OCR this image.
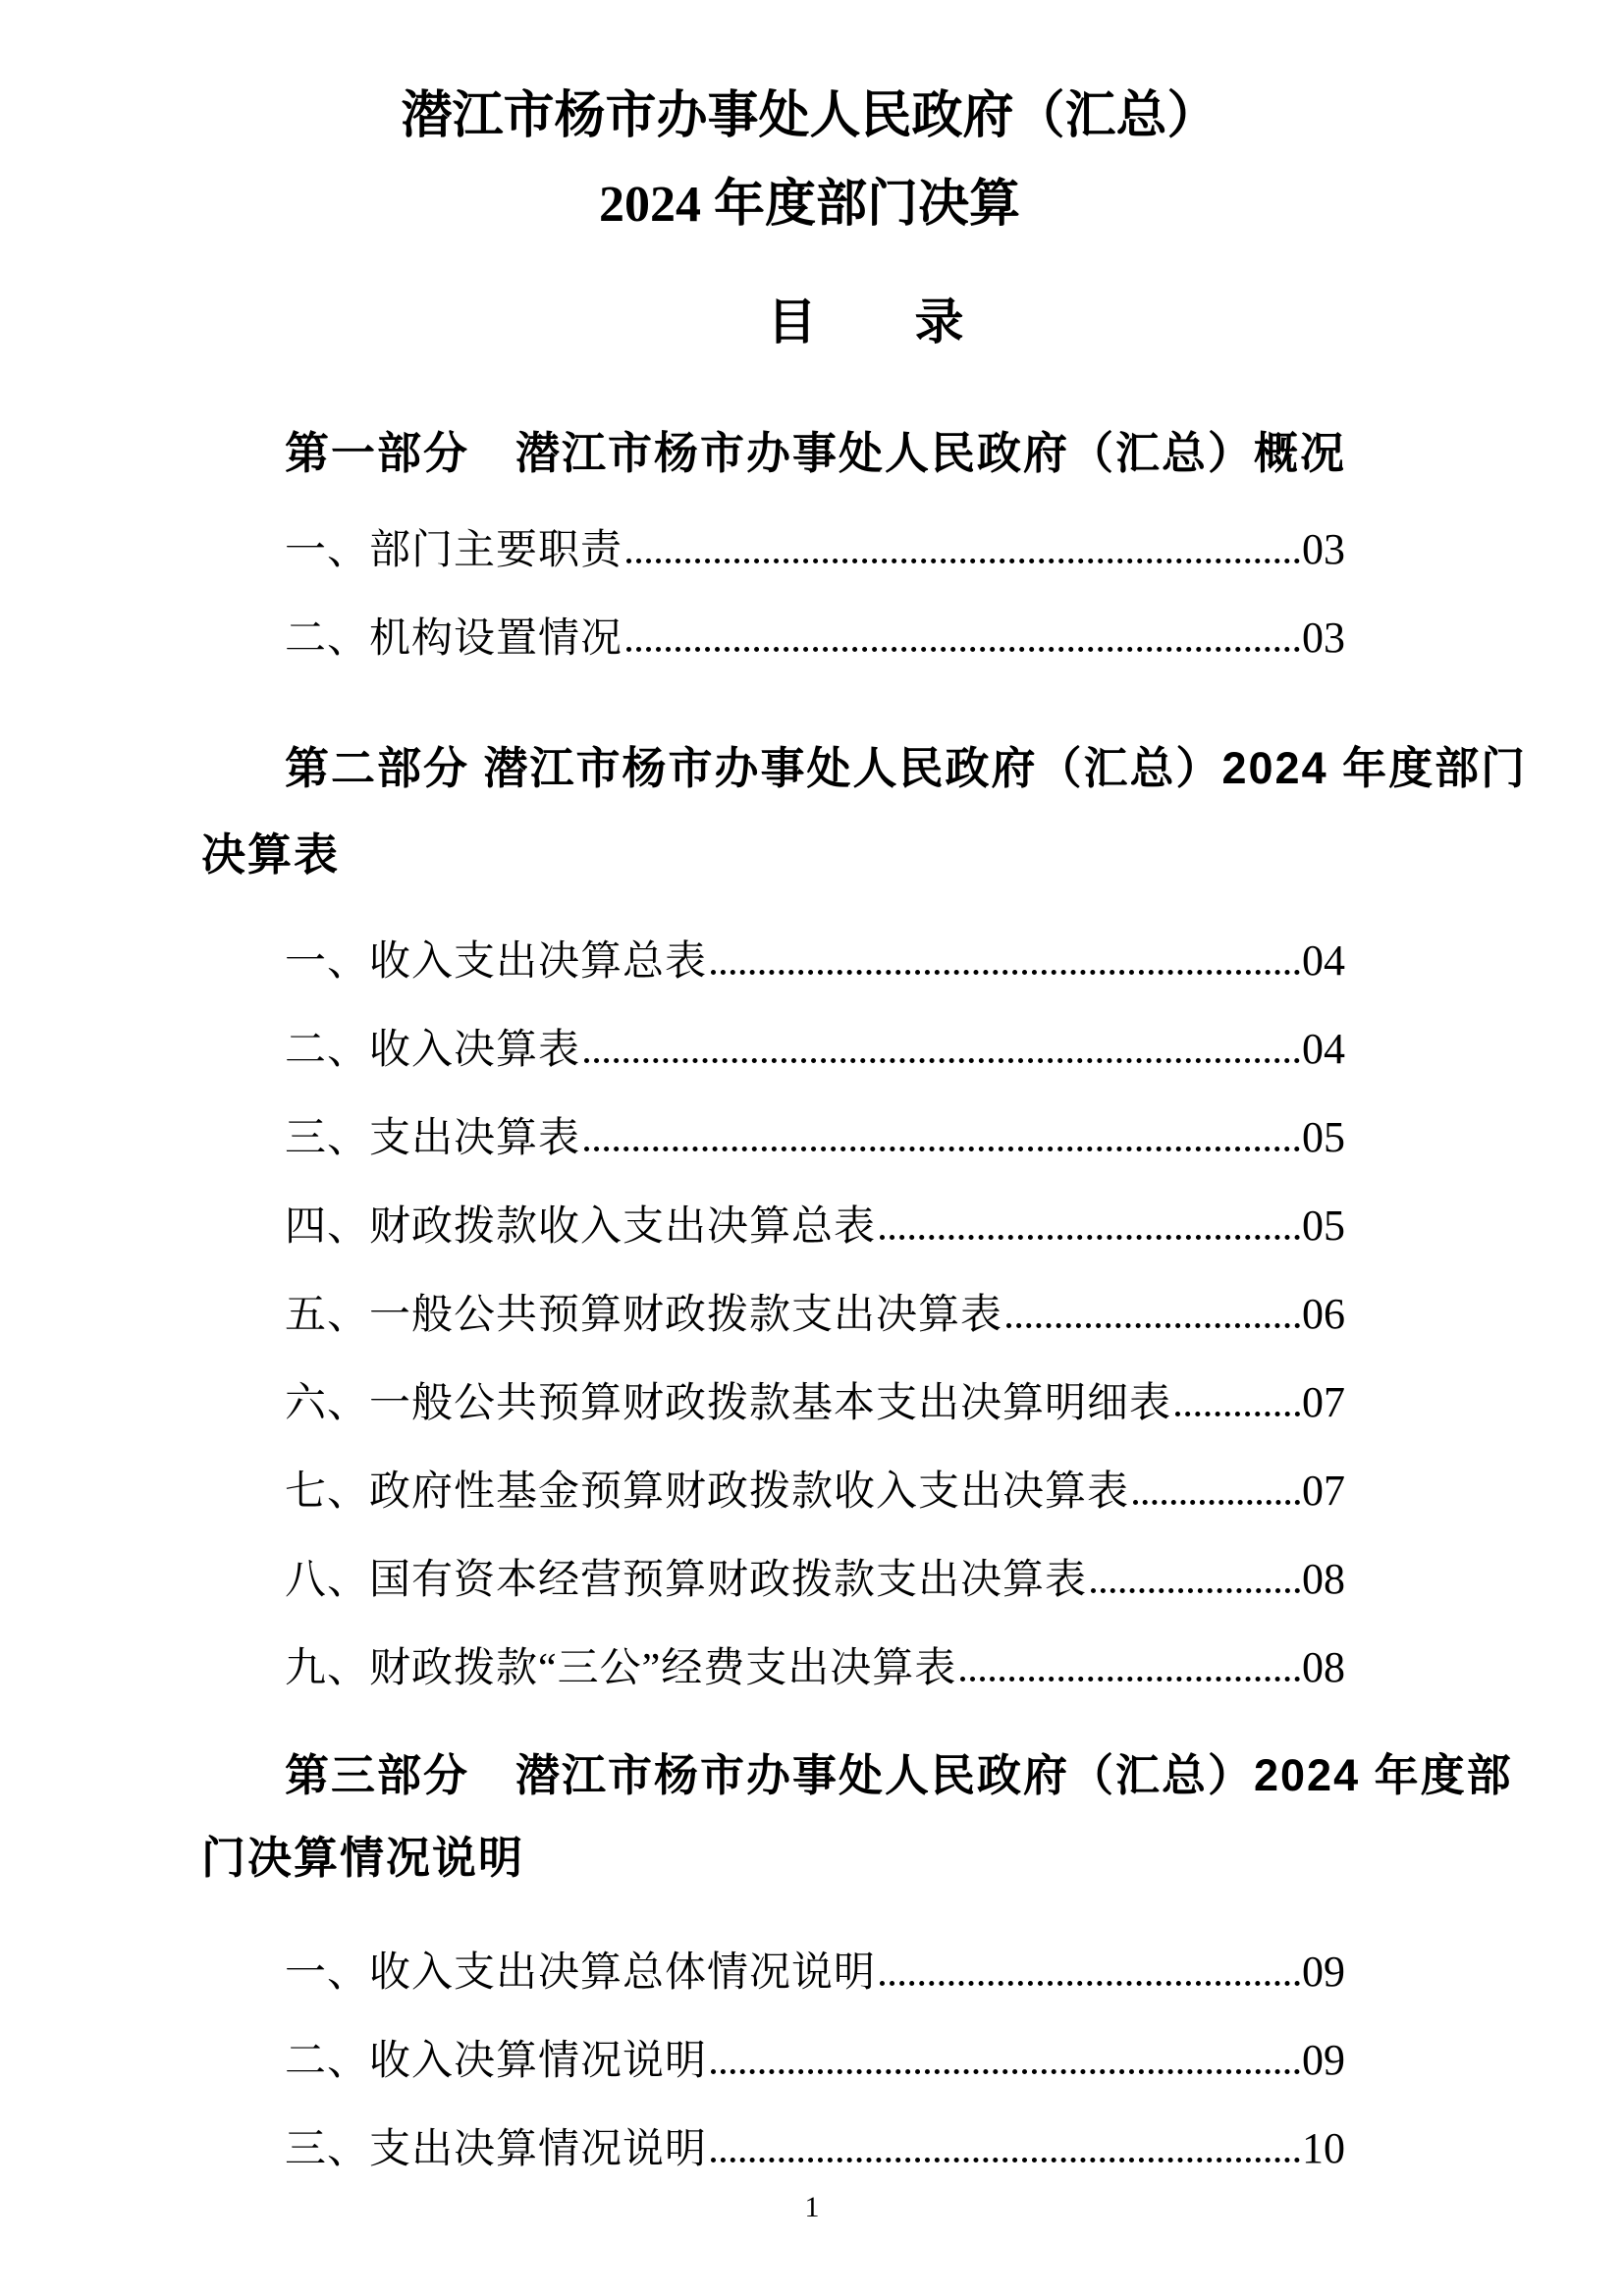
潜江市杨市办事处人民政府（汇总）
2024 年度部门决算
目　　录
第一部分　潜江市杨市办事处人民政府（汇总）概况
一、部门主要职责	03
二、机构设置情况	03
第二部分 潜江市杨市办事处人民政府（汇总）2024 年度部门
决算表
一、收入支出决算总表	04
二、收入决算表	04
三、支出决算表	05
四、财政拨款收入支出决算总表	05
五、一般公共预算财政拨款支出决算表	06
六、一般公共预算财政拨款基本支出决算明细表	07
七、政府性基金预算财政拨款收入支出决算表	07
八、国有资本经营预算财政拨款支出决算表	08
九、财政拨款“三公”经费支出决算表	08
第三部分　潜江市杨市办事处人民政府（汇总）2024 年度部
门决算情况说明
一、收入支出决算总体情况说明	09
二、收入决算情况说明	09
三、支出决算情况说明	10
1
